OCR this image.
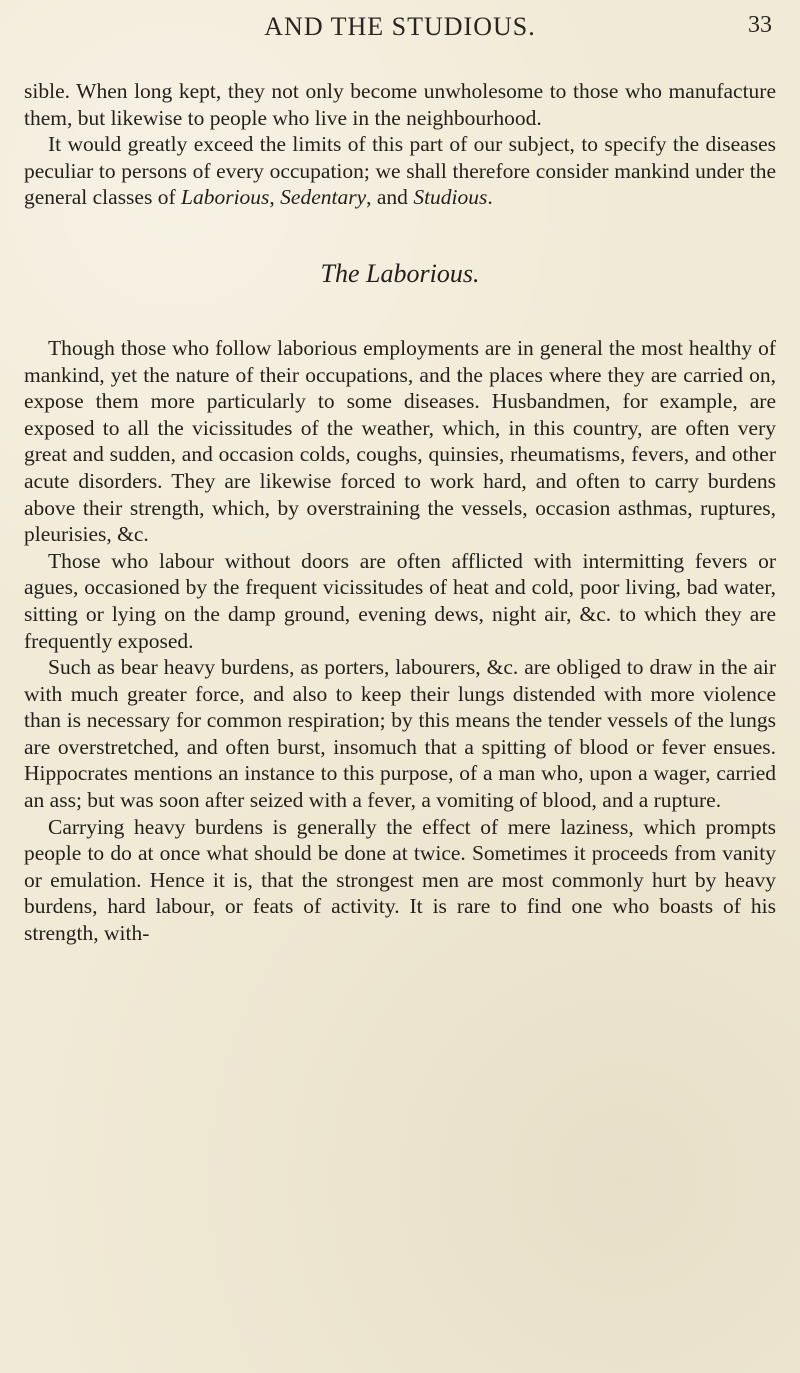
AND THE STUDIOUS.	33

sible. When long kept, they not only become unwholesome to those who manufacture them, but likewise to people who live in the neighbourhood.

It would greatly exceed the limits of this part of our subject, to specify the diseases peculiar to persons of every occupation; we shall therefore consider mankind under the general classes of Laborious, Sedentary, and Studious.

The Laborious.

Though those who follow laborious employments are in general the most healthy of mankind, yet the nature of their occupations, and the places where they are carried on, expose them more particularly to some diseases. Husbandmen, for example, are exposed to all the vicissitudes of the weather, which, in this country, are often very great and sudden, and occasion colds, coughs, quinsies, rheumatisms, fevers, and other acute disorders. They are likewise forced to work hard, and often to carry burdens above their strength, which, by overstraining the vessels, occasion asthmas, ruptures, pleurisies, &c.

Those who labour without doors are often afflicted with intermitting fevers or agues, occasioned by the frequent vicissitudes of heat and cold, poor living, bad water, sitting or lying on the damp ground, evening dews, night air, &c. to which they are frequently exposed.

Such as bear heavy burdens, as porters, labourers, &c. are obliged to draw in the air with much greater force, and also to keep their lungs distended with more violence than is necessary for common respiration; by this means the tender vessels of the lungs are overstretched, and often burst, insomuch that a spitting of blood or fever ensues. Hippocrates mentions an instance to this purpose, of a man who, upon a wager, carried an ass; but was soon after seized with a fever, a vomiting of blood, and a rupture.

Carrying heavy burdens is generally the effect of mere laziness, which prompts people to do at once what should be done at twice. Sometimes it proceeds from vanity or emulation. Hence it is, that the strongest men are most commonly hurt by heavy burdens, hard labour, or feats of activity. It is rare to find one who boasts of his strength, with-
